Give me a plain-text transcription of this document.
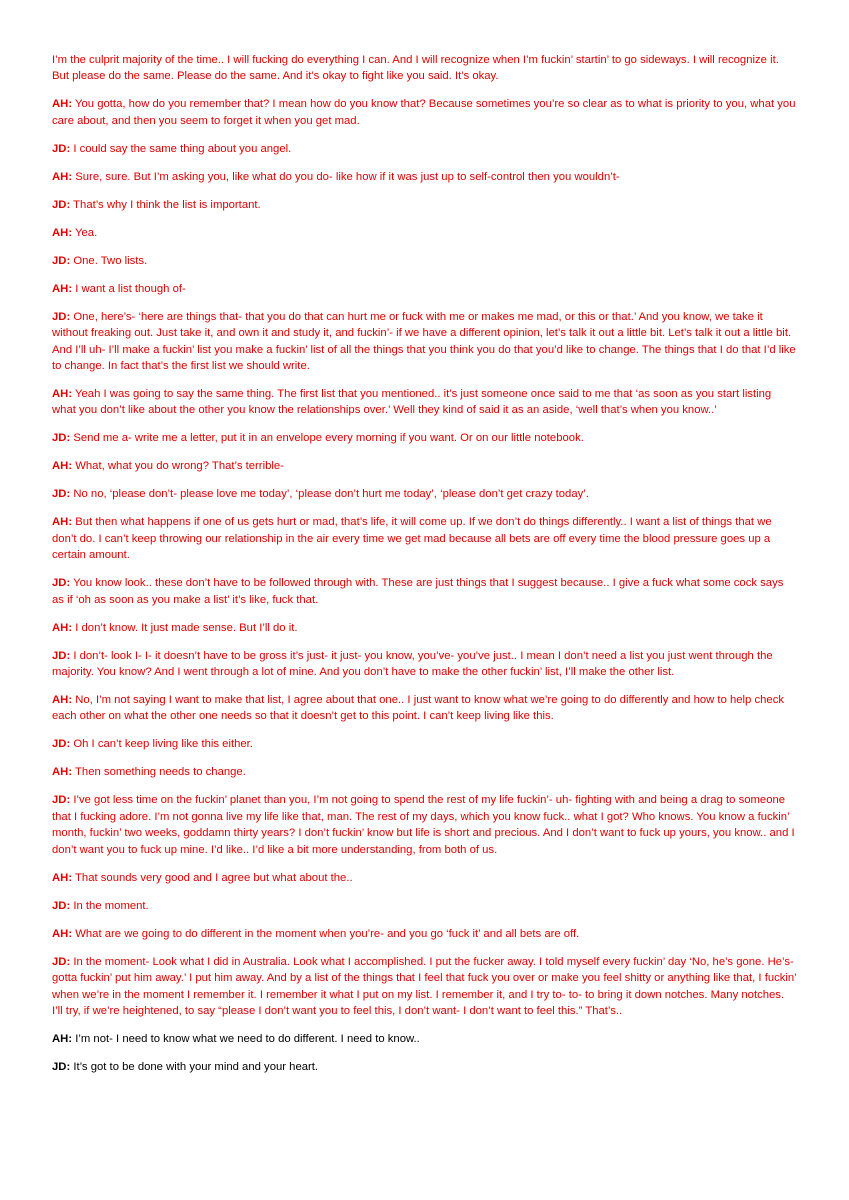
I’m the culprit majority of the time.. I will fucking do everything I can. And I will recognize when I’m fuckin’ startin’ to go sideways. I will recognize it. But please do the same. Please do the same. And it’s okay to fight like you said. It’s okay.

AH: You gotta, how do you remember that? I mean how do you know that? Because sometimes you’re so clear as to what is priority to you, what you care about, and then you seem to forget it when you get mad.

JD: I could say the same thing about you angel.

AH: Sure, sure. But I’m asking you, like what do you do- like how if it was just up to self-control then you wouldn’t-

JD: That’s why I think the list is important.

AH: Yea.

JD: One. Two lists.

AH: I want a list though of-

JD: One, here’s- ‘here are things that- that you do that can hurt me or fuck with me or makes me mad, or this or that.’ And you know, we take it without freaking out. Just take it, and own it and study it, and fuckin’- if we have a different opinion, let’s talk it out a little bit. Let’s talk it out a little bit. And I’ll uh- I’ll make a fuckin’ list you make a fuckin’ list of all the things that you think you do that you’d like to change. The things that I do that I’d like to change. In fact that’s the first list we should write.

AH: Yeah I was going to say the same thing. The first list that you mentioned.. it’s just someone once said to me that ‘as soon as you start listing what you don’t like about the other you know the relationships over.’ Well they kind of said it as an aside, ‘well that’s when you know..’

JD: Send me a- write me a letter, put it in an envelope every morning if you want. Or on our little notebook.

AH: What, what you do wrong? That’s terrible-

JD: No no, ‘please don’t- please love me today’, ‘please don’t hurt me today’, ‘please don’t get crazy today’.

AH: But then what happens if one of us gets hurt or mad, that’s life, it will come up. If we don’t do things differently.. I want a list of things that we don’t do. I can’t keep throwing our relationship in the air every time we get mad because all bets are off every time the blood pressure goes up a certain amount.

JD: You know look.. these don’t have to be followed through with. These are just things that I suggest because.. I give a fuck what some cock says as if ‘oh as soon as you make a list’ it’s like, fuck that.

AH: I don’t know. It just made sense. But I’ll do it.

JD: I don’t- look I- I- it doesn’t have to be gross it’s just- it just- you know, you’ve- you’ve just.. I mean I don’t need a list you just went through the majority. You know? And I went through a lot of mine. And you don’t have to make the other fuckin’ list, I’ll make the other list.

AH: No, I’m not saying I want to make that list, I agree about that one.. I just want to know what we’re going to do differently and how to help check each other on what the other one needs so that it doesn’t get to this point. I can’t keep living like this.

JD: Oh I can’t keep living like this either.

AH: Then something needs to change.

JD: I’ve got less time on the fuckin’ planet than you, I’m not going to spend the rest of my life fuckin’- uh- fighting with and being a drag to someone that I fucking adore. I’m not gonna live my life like that, man. The rest of my days, which you know fuck.. what I got? Who knows. You know a fuckin’ month, fuckin’ two weeks, goddamn thirty years? I don’t fuckin’ know but life is short and precious. And I don’t want to fuck up yours, you know.. and I don’t want you to fuck up mine. I’d like.. I’d like a bit more understanding, from both of us.

AH: That sounds very good and I agree but what about the..

JD: In the moment.

AH: What are we going to do different in the moment when you’re- and you go ‘fuck it’ and all bets are off.

JD: In the moment- Look what I did in Australia. Look what I accomplished. I put the fucker away. I told myself every fuckin’ day ‘No, he’s gone. He’s- gotta fuckin’ put him away.’ I put him away. And by a list of the things that I feel that fuck you over or make you feel shitty or anything like that, I fuckin’ when we’re in the moment I remember it. I remember it what I put on my list. I remember it, and I try to- to- to bring it down notches. Many notches. I’ll try, if we’re heightened, to say “please I don’t want you to feel this, I don’t want- I don’t want to feel this.” That’s..

AH: I’m not- I need to know what we need to do different. I need to know..

JD: It’s got to be done with your mind and your heart.
